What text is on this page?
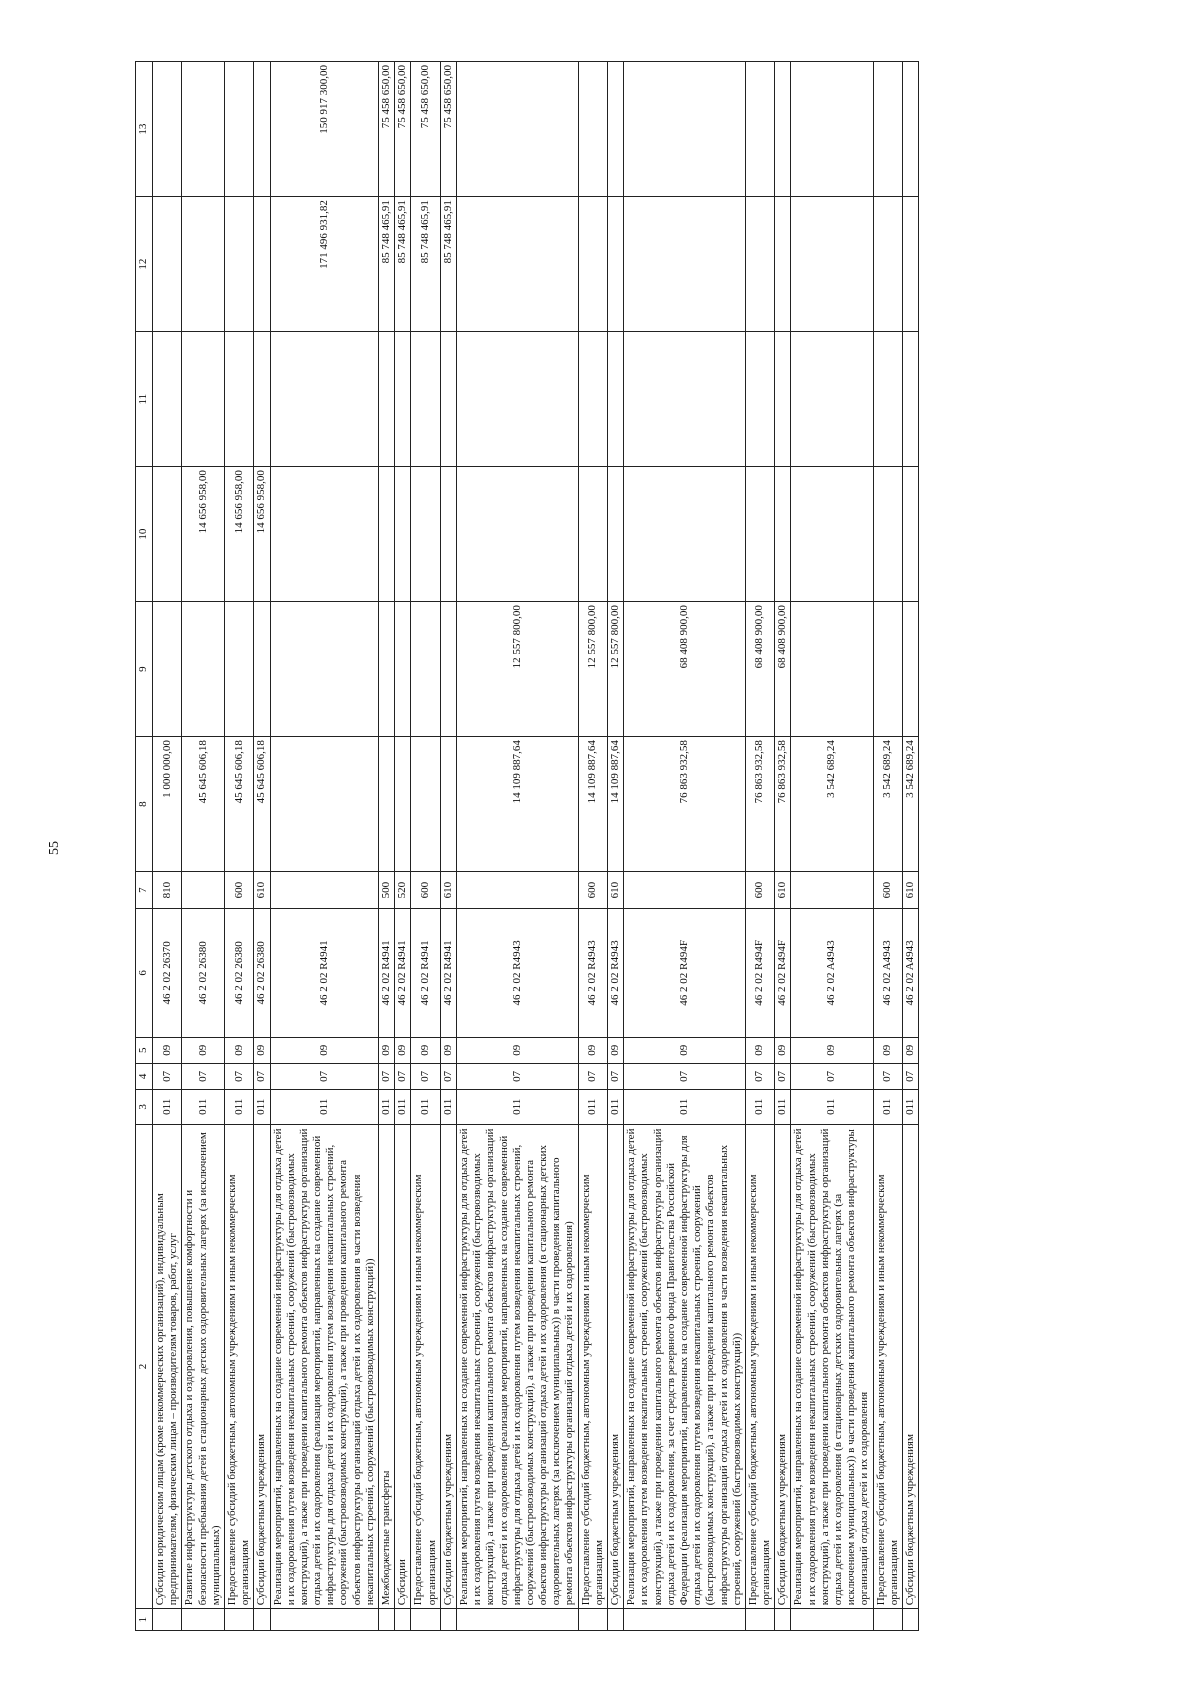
55
1	2	3	4	5	6	7	8	9	10	11	12	13
	Субсидии юридическим лицам (кроме некоммерческих организаций), индивидуальным предпринимателям, физическим лицам – производителям товаров, работ, услуг	011	07	09	46 2 02 26370	810	1 000 000,00					
	Развитие инфраструктуры детского отдыха и оздоровления, повышение комфортности и безопасности пребывания детей в стационарных детских оздоровительных лагерях (за исключением муниципальных)	011	07	09	46 2 02 26380		45 645 606,18		14 656 958,00			
	Предоставление субсидий бюджетным, автономным учреждениям и иным некоммерческим организациям	011	07	09	46 2 02 26380	600	45 645 606,18		14 656 958,00			
	Субсидии бюджетным учреждениям	011	07	09	46 2 02 26380	610	45 645 606,18		14 656 958,00			
	Реализация мероприятий, направленных на создание современной инфраструктуры для отдыха детей и их оздоровления путем возведения некапитальных строений, сооружений (быстровозводимых конструкций), а также при проведении капитального ремонта объектов инфраструктуры организаций отдыха детей и их оздоровления (реализация мероприятий, направленных на создание современной инфраструктуры для отдыха детей и их оздоровления путем возведения некапитальных строений, сооружений (быстровозводимых конструкций), а также при проведении капитального ремонта объектов инфраструктуры организаций отдыха детей и их оздоровления в части возведения некапитальных строений, сооружений (быстровозводимых конструкций))	011	07	09	46 2 02 R4941						171 496 931,82	150 917 300,00
	Межбюджетные трансферты	011	07	09	46 2 02 R4941	500					85 748 465,91	75 458 650,00
	Субсидии	011	07	09	46 2 02 R4941	520					85 748 465,91	75 458 650,00
	Предоставление субсидий бюджетным, автономным учреждениям и иным некоммерческим организациям	011	07	09	46 2 02 R4941	600					85 748 465,91	75 458 650,00
	Субсидии бюджетным учреждениям	011	07	09	46 2 02 R4941	610					85 748 465,91	75 458 650,00
	Реализация мероприятий, направленных на создание современной инфраструктуры для отдыха детей и их оздоровления путем возведения некапитальных строений, сооружений (быстровозводимых конструкций), а также при проведении капитального ремонта объектов инфраструктуры организаций отдыха детей и их оздоровления (реализация мероприятий, направленных на создание современной инфраструктуры для отдыха детей и их оздоровления путем возведения некапитальных строений, сооружений (быстровозводимых конструкций), а также при проведении капитального ремонта объектов инфраструктуры организаций отдыха детей и их оздоровления (в стационарных детских оздоровительных лагерях (за исключением муниципальных)) в части проведения капитального ремонта объектов инфраструктуры организаций отдыха детей и их оздоровления)	011	07	09	46 2 02 R4943		14 109 887,64	12 557 800,00				
	Предоставление субсидий бюджетным, автономным учреждениям и иным некоммерческим организациям	011	07	09	46 2 02 R4943	600	14 109 887,64	12 557 800,00				
	Субсидии бюджетным учреждениям	011	07	09	46 2 02 R4943	610	14 109 887,64	12 557 800,00				
	Реализация мероприятий, направленных на создание современной инфраструктуры для отдыха детей и их оздоровления путем возведения некапитальных строений, сооружений (быстровозводимых конструкций), а также при проведении капитального ремонта объектов инфраструктуры организаций отдыха детей и их оздоровления, за счет средств резервного фонда Правительства Российской Федерации (реализация мероприятий, направленных на создание современной инфраструктуры для отдыха детей и их оздоровления путем возведения некапитальных строений, сооружений (быстровозводимых конструкций), а также при проведении капитального ремонта объектов инфраструктуры организаций отдыха детей и их оздоровления в части возведения некапитальных строений, сооружений (быстровозводимых конструкций))	011	07	09	46 2 02 R494F		76 863 932,58	68 408 900,00				
	Предоставление субсидий бюджетным, автономным учреждениям и иным некоммерческим организациям	011	07	09	46 2 02 R494F	600	76 863 932,58	68 408 900,00				
	Субсидии бюджетным учреждениям	011	07	09	46 2 02 R494F	610	76 863 932,58	68 408 900,00				
	Реализация мероприятий, направленных на создание современной инфраструктуры для отдыха детей и их оздоровления путем возведения некапитальных строений, сооружений (быстровозводимых конструкций), а также при проведении капитального ремонта объектов инфраструктуры организаций отдыха детей и их оздоровления (в стационарных детских оздоровительных лагерях (за исключением муниципальных)) в части проведения капитального ремонта объектов инфраструктуры организаций отдыха детей и их оздоровления	011	07	09	46 2 02 A4943		3 542 689,24					
	Предоставление субсидий бюджетным, автономным учреждениям и иным некоммерческим организациям	011	07	09	46 2 02 A4943	600	3 542 689,24					
	Субсидии бюджетным учреждениям	011	07	09	46 2 02 A4943	610	3 542 689,24					
